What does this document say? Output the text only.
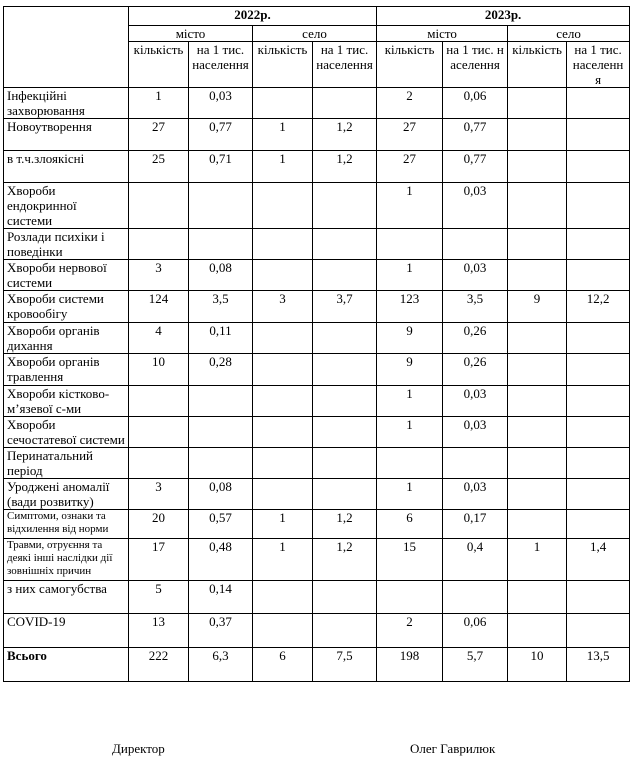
	2022р.				2023р.			
	місто		село		місто		село	
	кількість	на 1 тис. населення	кількість	на 1 тис. населення	кількість	на 1 тис. населення	кількість	на 1 тис. населення
Інфекційні захворювання	1	0,03			2	0,06		
Новоутворення	27	0,77	1	1,2	27	0,77		
в т.ч.злоякісні	25	0,71	1	1,2	27	0,77		
Хвороби ендокринної системи					1	0,03		
Розлади психіки і поведінки								
Хвороби нервової системи	3	0,08			1	0,03		
Хвороби системи кровообігу	124	3,5	3	3,7	123	3,5	9	12,2
Хвороби органів дихання	4	0,11			9	0,26		
Хвороби органів травлення	10	0,28			9	0,26		
Хвороби кістково-м’язевої с-ми					1	0,03		
Хвороби сечостатевої системи					1	0,03		
Перинатальний період								
Уроджені аномалії (вади розвитку)	3	0,08			1	0,03		
Симптоми, ознаки та відхилення від норми	20	0,57	1	1,2	6	0,17		
Травми, отруєння та деякі інші наслідки дії зовнішніх причин	17	0,48	1	1,2	15	0,4	1	1,4
з них самогубства	5	0,14						
COVID-19	13	0,37			2	0,06		
Всього	222	6,3	6	7,5	198	5,7	10	13,5
Директор	Олег Гаврилюк
